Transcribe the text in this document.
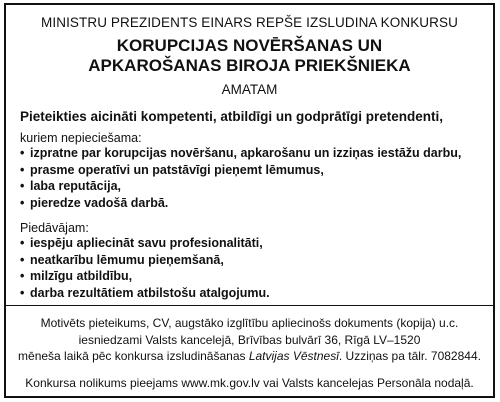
MINISTRU PREZIDENTS EINARS REPŠE IZSLUDINA KONKURSU
KORUPCIJAS NOVĒRŠANAS UN
APKAROŠANAS BIROJA PRIEKŠNIEKA
AMATAM
Pieteikties aicināti kompetenti, atbildīgi un godprātīgi pretendenti,
kuriem nepieciešama:
• izpratne par korupcijas novēršanu, apkarošanu un izziņas iestāžu darbu,
• prasme operatīvi un patstāvīgi pieņemt lēmumus,
• laba reputācija,
• pieredze vadošā darbā.
Piedāvājam:
• iespēju apliecināt savu profesionalitāti,
• neatkarību lēmumu pieņemšanā,
• milzīgu atbildību,
• darba rezultātiem atbilstošu atalgojumu.
Motivēts pieteikums, CV, augstāko izglītību apliecinošs dokuments (kopija) u.c.
iesniedzami Valsts kancelejā, Brīvības bulvārī 36, Rīgā LV–1520
mēneša laikā pēc konkursa izsludināšanas Latvijas Vēstnesī. Uzziņas pa tālr. 7082844.
Konkursa nolikums pieejams www.mk.gov.lv vai Valsts kancelejas Personāla nodaļā.
